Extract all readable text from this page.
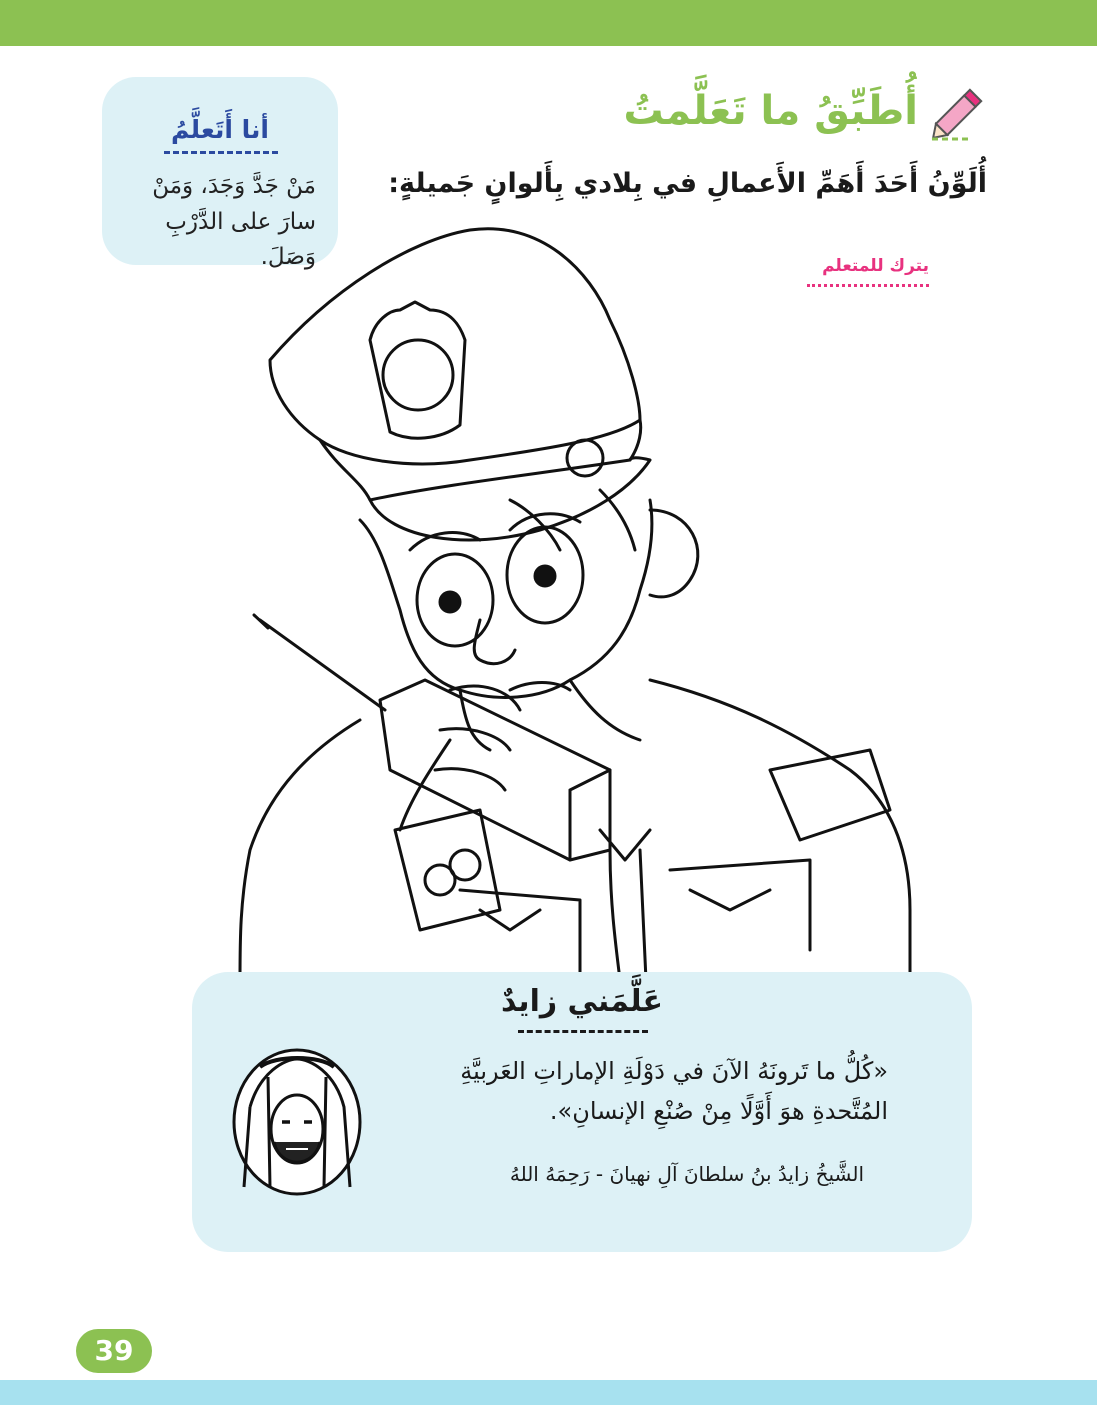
أُطَبِّقُ ما تَعَلَّمتُ
أُلَوِّنُ أَحَدَ أَهَمِّ الأَعمالِ في بِلادي بِأَلوانٍ جَميلةٍ:
يترك للمتعلم
أنا أَتَعلَّمُ
مَنْ جَدَّ وَجَدَ، وَمَنْ سارَ على الدَّرْبِ وَصَلَ.
عَلَّمَني زايدٌ
«كُلُّ ما تَرونَهُ الآنَ في دَوْلَةِ الإماراتِ العَربيَّةِ المُتَّحدةِ هوَ أَوَّلًا مِنْ صُنْعِ الإنسانِ».
الشَّيخُ زايدُ بنُ سلطانَ آلِ نهيانَ - رَحِمَهُ اللهُ
39
